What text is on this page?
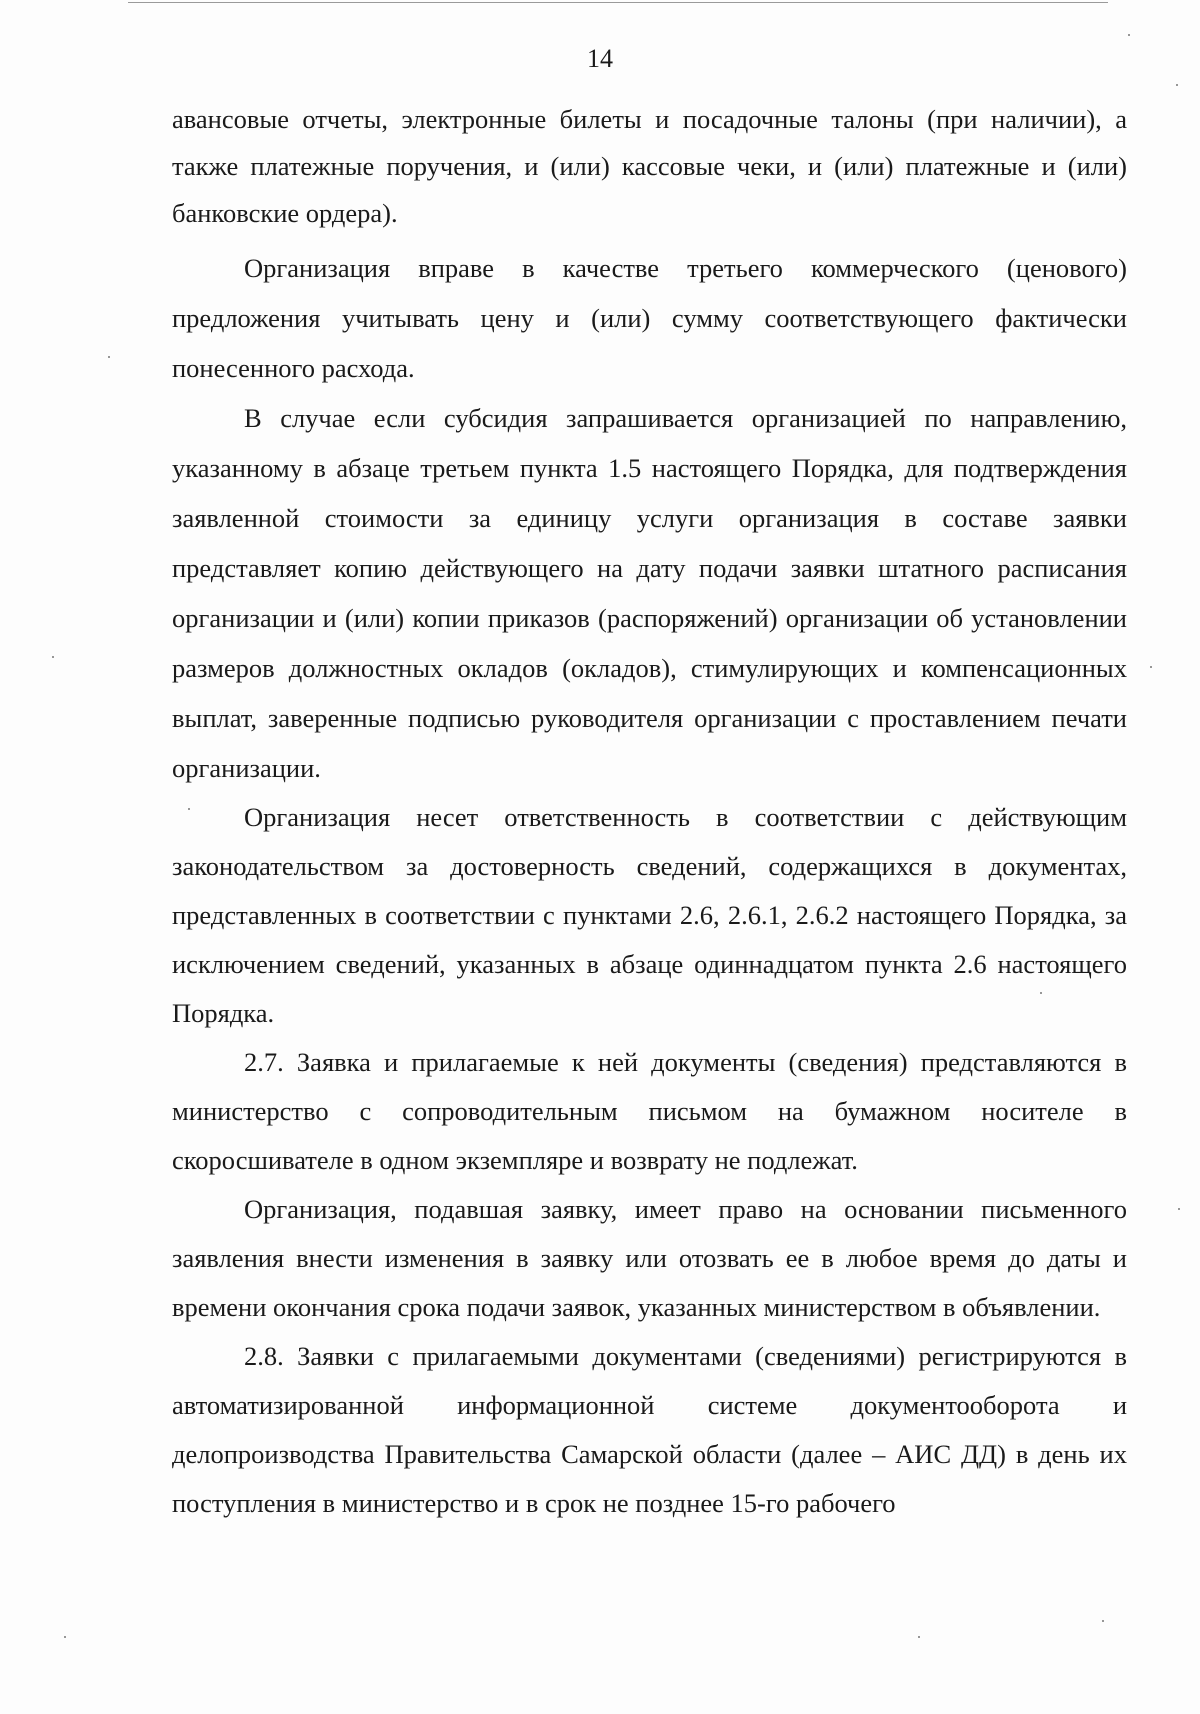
14

авансовые отчеты, электронные билеты и посадочные талоны (при наличии), а также платежные поручения, и (или) кассовые чеки, и (или) платежные и (или) банковские ордера).

Организация вправе в качестве третьего коммерческого (ценового) предложения учитывать цену и (или) сумму соответствующего фактически понесенного расхода.

В случае если субсидия запрашивается организацией по направлению, указанному в абзаце третьем пункта 1.5 настоящего Порядка, для подтверждения заявленной стоимости за единицу услуги организация в составе заявки представляет копию действующего на дату подачи заявки штатного расписания организации и (или) копии приказов (распоряжений) организации об установлении размеров должностных окладов (окладов), стимулирующих и компенсационных выплат, заверенные подписью руководителя организации с проставлением печати организации.

Организация несет ответственность в соответствии с действующим законодательством за достоверность сведений, содержащихся в документах, представленных в соответствии с пунктами 2.6, 2.6.1, 2.6.2 настоящего Порядка, за исключением сведений, указанных в абзаце одиннадцатом пункта 2.6 настоящего Порядка.

2.7. Заявка и прилагаемые к ней документы (сведения) представляются в министерство с сопроводительным письмом на бумажном носителе в скоросшивателе в одном экземпляре и возврату не подлежат.

Организация, подавшая заявку, имеет право на основании письменного заявления внести изменения в заявку или отозвать ее в любое время до даты и времени окончания срока подачи заявок, указанных министерством в объявлении.

2.8. Заявки с прилагаемыми документами (сведениями) регистрируются в автоматизированной информационной системе документооборота и делопроизводства Правительства Самарской области (далее – АИС ДД) в день их поступления в министерство и в срок не позднее 15-го рабочего
